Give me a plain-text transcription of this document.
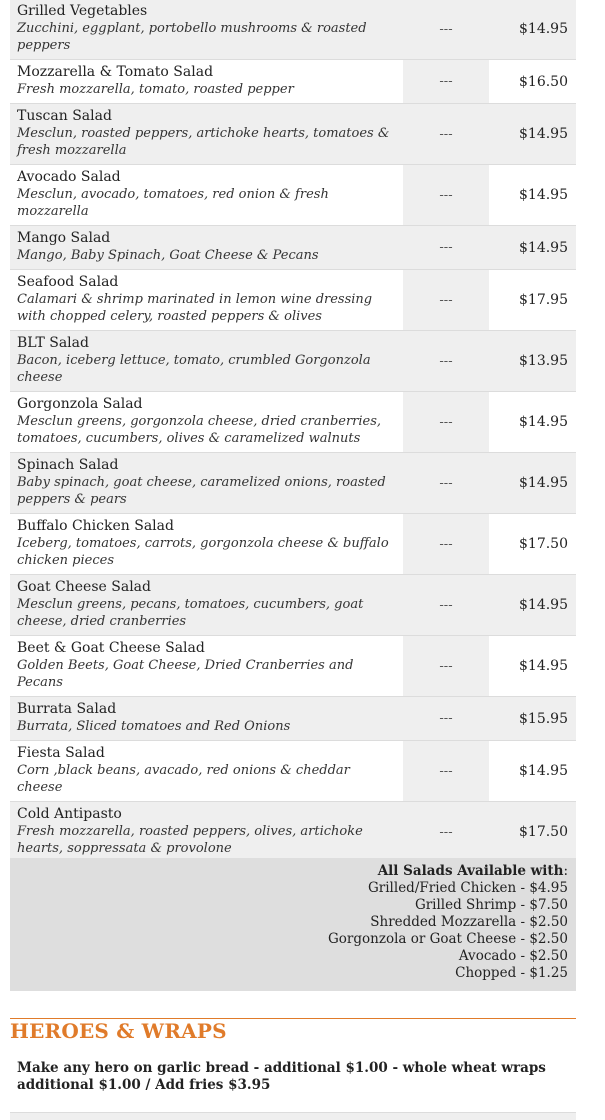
Grilled Vegetables
Zucchini, eggplant, portobello mushrooms & roasted peppers	---	$14.95

Mozzarella & Tomato Salad
Fresh mozzarella, tomato, roasted pepper	---	$16.50

Tuscan Salad
Mesclun, roasted peppers, artichoke hearts, tomatoes & fresh mozzarella	---	$14.95

Avocado Salad
Mesclun, avocado, tomatoes, red onion & fresh mozzarella	---	$14.95

Mango Salad
Mango, Baby Spinach, Goat Cheese & Pecans	---	$14.95

Seafood Salad
Calamari & shrimp marinated in lemon wine dressing with chopped celery, roasted peppers & olives	---	$17.95

BLT Salad
Bacon, iceberg lettuce, tomato, crumbled Gorgonzola cheese	---	$13.95

Gorgonzola Salad
Mesclun greens, gorgonzola cheese, dried cranberries, tomatoes, cucumbers, olives & caramelized walnuts	---	$14.95

Spinach Salad
Baby spinach, goat cheese, caramelized onions, roasted peppers & pears	---	$14.95

Buffalo Chicken Salad
Iceberg, tomatoes, carrots, gorgonzola cheese & buffalo chicken pieces	---	$17.50

Goat Cheese Salad
Mesclun greens, pecans, tomatoes, cucumbers, goat cheese, dried cranberries	---	$14.95

Beet & Goat Cheese Salad
Golden Beets, Goat Cheese, Dried Cranberries and Pecans	---	$14.95

Burrata Salad
Burrata, Sliced tomatoes and Red Onions	---	$15.95

Fiesta Salad
Corn ,black beans, avacado, red onions & cheddar cheese	---	$14.95

Cold Antipasto
Fresh mozzarella, roasted peppers, olives, artichoke hearts, soppressata & provolone	---	$17.50
All Salads Available with:
Grilled/Fried Chicken - $4.95
Grilled Shrimp - $7.50
Shredded Mozzarella - $2.50
Gorgonzola or Goat Cheese - $2.50
Avocado - $2.50
Chopped - $1.25
HEROES & WRAPS

Make any hero on garlic bread - additional $1.00 - whole wheat wraps additional $1.00 / Add fries $3.95
